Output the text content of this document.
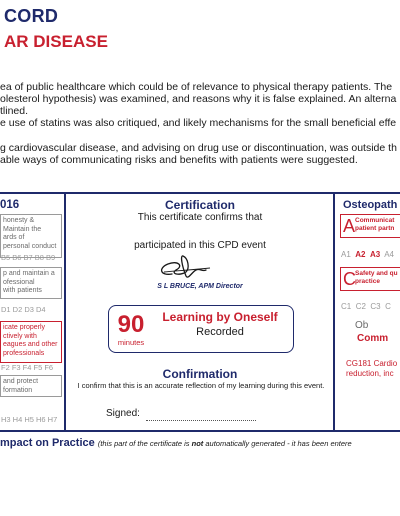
CORD
AR DISEASE
ea of public healthcare which could be of relevance to physical therapy patients. The
olesterol hypothesis) was examined, and reasons why it is false explained. An alterna
tlined.
e use of statins was also critiqued, and likely mechanisms for the small beneficial effe
g cardiovascular disease, and advising on drug use or discontinuation, was outside th
able ways of communicating risks and benefits with patients were suggested.
016
honesty &
Maintain the
ards of
personal conduct
B5 B6 B7 B8 B9
p and maintain a
ofessional
with patients
D1 D2 D3 D4
icate properly
ctively with
eagues and other
professionals
F2 F3 F4 F5 F6
and protect
formation
H3 H4 H5 H6 H7
Certification
This certificate confirms that
participated in this CPD event
S L BRUCE, APM Director
90
minutes
Learning by Oneself
Recorded
Confirmation
I confirm that this is an accurate reflection of my learning during this event.
Signed:
Osteopath
A Communicat
patient partn
A1 A2 A3 A4
C Safety and qu
practice
C1 C2 C3 C
Ob
Comm
CG181 Cardio
reduction, inc
mpact on Practice (this part of the certificate is not automatically generated - it has been entere
